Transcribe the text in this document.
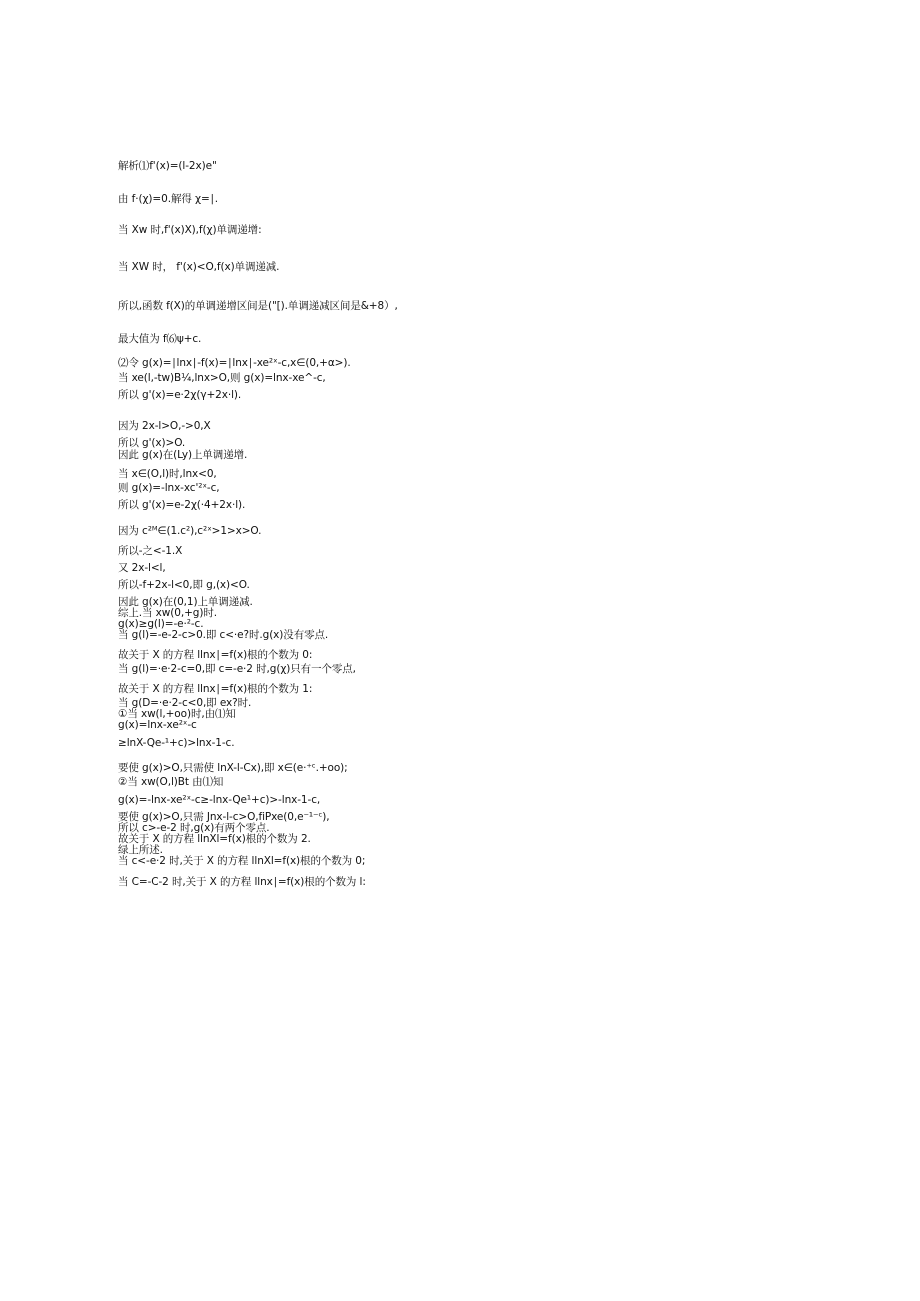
解析⑴f'(x)=(l-2x)e"
由 f·(χ)=0.解得 χ=∣.
当 Xw 时,f'(x)X),f(χ)单调递增:
当 XW 时， f'(x)<O,f(x)单调递减.
所以,函数 f(X)的单调递增区间是("[).单调递减区间是&+8）,
最大值为 f⑹ψ+c.
⑵令 g(x)=∣lnx∣-f(x)=∣lnx∣-xe²ˣ-c,x∈(0,+α>).
当 xe(l,-tw)B¼,lnx>O,则 g(x)=lnx-xe^-c,
所以 g'(x)=e·2χ(γ+2x·l).
因为 2x-l>O,->0,X
所以 g'(x)>O.
因此 g(x)在(Ly)上单调递增.
当 x∈(O,l)时,lnx<0,
则 g(x)=-lnx-xc'²ˣ-c,
所以 g'(x)=e-2χ(·4+2x·l).
因为 c²ᴹ∈(1.c²),c²ˣ>1>x>O.
所以-之<-1.X
又 2x-l<l,
所以-f+2x-l<0,即 g,(x)<O.
因此 g(x)在(0,1)上单调递减.
综上.当 xw(0,+g)时.
g(x)≥g(l)=-e·²-c.
当 g(l)=-e-2-c>0.即 c<·e?时.g(x)没有零点.
故关于 X 的方程 llnx∣=f(x)根的个数为 0:
当 g(l)=·e·2-c=0,即 c=-e·2 时,g(χ)只有一个零点,
故关于 X 的方程 llnx∣=f(x)根的个数为 1:
当 g(D=·e·2-c<0,即 ex?时.
①当 xw(l,+oo)时,由⑴知
g(x)=lnx-xe²ˣ-c
≥lnX-Qe-¹+c)>lnx-1-c.
要使 g(x)>O,只需使 lnX-l-Cx),即 x∈(e·⁺ᶜ.+oo);
②当 xw(O,l)Bt 由⑴知
g(x)=-lnx-xe²ˣ-c≥-lnx-Qe¹+c)>-lnx-1-c,
要使 g(x)>O,只需 Jnx-l-c>O,fiPxe(0,e⁻¹⁻ᶜ),
所以 c>-e-2 时,g(x)有两个零点.
故关于 X 的方程 llnXl=f(x)根的个数为 2.
绿上所述.
当 c<-e·2 时,关于 X 的方程 llnXl=f(x)根的个数为 0;
当 C=-C-2 时,关于 X 的方程 llnx∣=f(x)根的个数为 l:
